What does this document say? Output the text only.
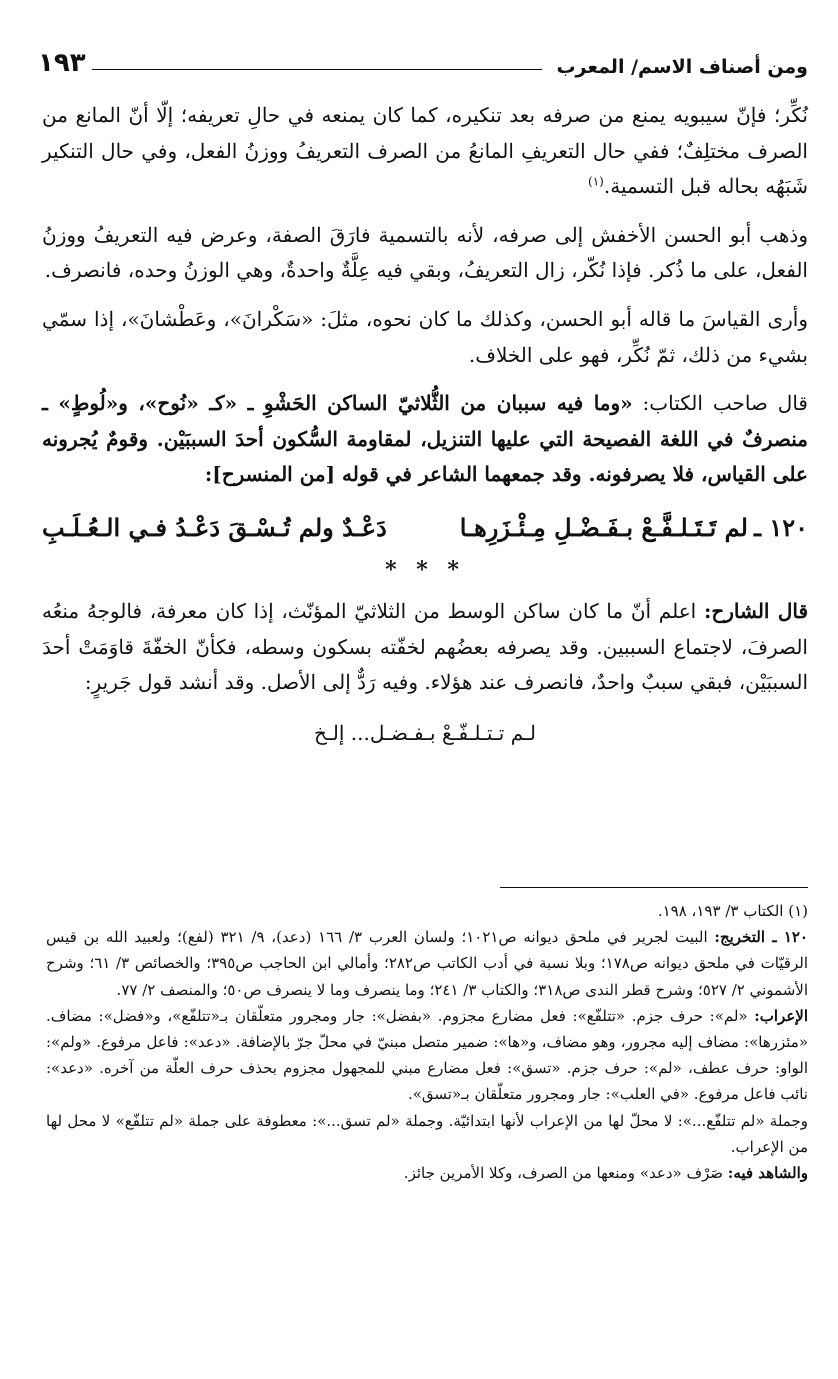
ومن أصناف الاسم/ المعرب
١٩٣

نُكِّر؛ فإنّ سيبويه يمنع من صرفه بعد تنكيره، كما كان يمنعه في حالِ تعريفه؛ إلّا أنّ المانع من الصرف مختلِفٌ؛ ففي حال التعريفِ المانعُ من الصرف التعريفُ ووزنُ الفعل، وفي حال التنكير شَبَهُه بحاله قبل التسمية.$^{(١)}$

وذهب أبو الحسن الأخفش إلى صرفه، لأنه بالتسمية فارَقَ الصفة، وعرض فيه التعريفُ ووزنُ الفعل، على ما ذُكر. فإذا نُكّر، زال التعريفُ، وبقي فيه عِلَّةٌ واحدةٌ، وهي الوزنُ وحده، فانصرف.

وأرى القياسَ ما قاله أبو الحسن، وكذلك ما كان نحوه، مثلَ: «سَكْرانَ»، وعَطْشانَ»، إذا سمّي بشيء من ذلك، ثمّ نُكِّر، فهو على الخلاف.

قال صاحب الكتاب: «وما فيه سببان من الثُّلاثيّ الساكن الحَشْوِ ـ «كـ «نُوح»، و«لُوطٍ» ـ منصرفٌ في اللغة الفصيحة التي عليها التنزيل، لمقاومة السُّكون أحدَ السببَيْن. وقومٌ يُجرونه على القياس، فلا يصرفونه. وقد جمعهما الشاعر في قوله [من المنسرح]:

١٢٠ ـ
لم تَـتَـلـفَّـعْ بـفَـضْـلِ مِـئْـزَرِهـا
دَعْـدٌ ولم تُـسْـقَ دَعْـدُ فـي الـعُـلَـبِ
* * *

قال الشارح: اعلم أنّ ما كان ساكن الوسط من الثلاثيّ المؤنّث، إذا كان معرفة، فالوجهُ منعُه الصرفَ، لاجتماع السببين. وقد يصرفه بعضُهم لخفّته بسكون وسطه، فكأنّ الخفّةَ قاوَمَتْ أحدَ السببَيْن، فبقي سببٌ واحدٌ، فانصرف عند هؤلاء. وفيه رَدٌّ إلى الأصل. وقد أنشد قول جَريرٍ:

لـم تـتـلـفّـعْ بـفـضـل... إلـخ

(١) الكتاب ٣/ ١٩٣، ١٩٨.

١٢٠ ـ التخريج: البيت لجرير في ملحق ديوانه ص١٠٢١؛ ولسان العرب ٣/ ١٦٦ (دعد)، ٩/ ٣٢١ (لفع)؛ ولعبيد الله بن قيس الرقيّات في ملحق ديوانه ص١٧٨؛ وبلا نسبة في أدب الكاتب ص٢٨٢؛ وأمالي ابن الحاجب ص٣٩٥؛ والخصائص ٣/ ٦١؛ وشرح الأشموني ٢/ ٥٢٧؛ وشرح قطر الندى ص٣١٨؛ والكتاب ٣/ ٢٤١؛ وما ينصرف وما لا ينصرف ص٥٠؛ والمنصف ٢/ ٧٧.

الإعراب: «لم»: حرف جزم. «تتلفّع»: فعل مضارع مجزوم. «بفضل»: جار ومجرور متعلّقان بـ«تتلفّع»، و«فضل»: مضاف. «مئزرها»: مضاف إليه مجرور، وهو مضاف، و«ها»: ضمير متصل مبنيّ في محلّ جرّ بالإضافة. «دعد»: فاعل مرفوع. «ولم»: الواو: حرف عطف، «لم»: حرف جزم. «تسق»: فعل مضارع مبني للمجهول مجزوم بحذف حرف العلّة من آخره. «دعد»: نائب فاعل مرفوع. «في العلب»: جار ومجرور متعلّقان بـ«تسق».

وجملة «لم تتلفّع...»: لا محلّ لها من الإعراب لأنها ابتدائيّة. وجملة «لم تسق...»: معطوفة على جملة «لم تتلفّع» لا محل لها من الإعراب.

والشاهد فيه: صَرْف «دعد» ومنعها من الصرف، وكلا الأمرين جائز.
